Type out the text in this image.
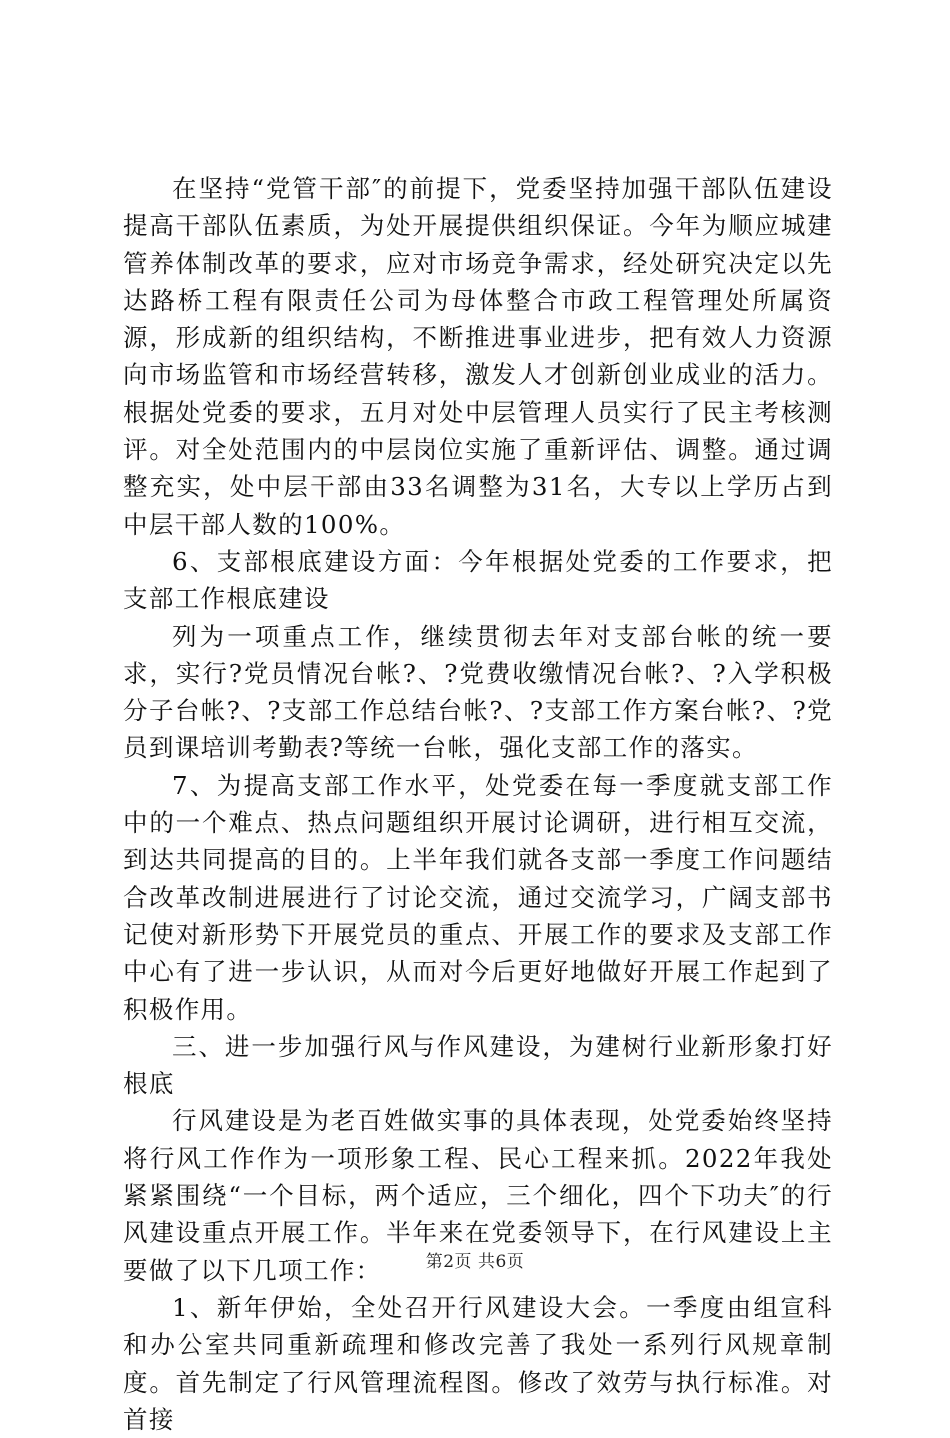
在坚持“党管干部″的前提下，党委坚持加强干部队伍建设提高干部队伍素质，为处开展提供组织保证。今年为顺应城建管养体制改革的要求，应对市场竞争需求，经处研究决定以先达路桥工程有限责任公司为母体整合市政工程管理处所属资源，形成新的组织结构，不断推进事业进步，把有效人力资源向市场监管和市场经营转移，激发人才创新创业成业的活力。根据处党委的要求，五月对处中层管理人员实行了民主考核测评。对全处范围内的中层岗位实施了重新评估、调整。通过调整充实，处中层干部由33名调整为31名，大专以上学历占到中层干部人数的100%。

6、支部根底建设方面：今年根据处党委的工作要求，把支部工作根底建设

列为一项重点工作，继续贯彻去年对支部台帐的统一要求，实行?党员情况台帐?、?党费收缴情况台帐?、?入学积极分子台帐?、?支部工作总结台帐?、?支部工作方案台帐?、?党员到课培训考勤表?等统一台帐，强化支部工作的落实。

7、为提高支部工作水平，处党委在每一季度就支部工作中的一个难点、热点问题组织开展讨论调研，进行相互交流，到达共同提高的目的。上半年我们就各支部一季度工作问题结合改革改制进展进行了讨论交流，通过交流学习，广阔支部书记使对新形势下开展党员的重点、开展工作的要求及支部工作中心有了进一步认识，从而对今后更好地做好开展工作起到了积极作用。

三、进一步加强行风与作风建设，为建树行业新形象打好根底

行风建设是为老百姓做实事的具体表现，处党委始终坚持将行风工作作为一项形象工程、民心工程来抓。2022年我处紧紧围绕“一个目标，两个适应，三个细化，四个下功夫″的行风建设重点开展工作。半年来在党委领导下，在行风建设上主要做了以下几项工作：

1、新年伊始，全处召开行风建设大会。一季度由组宣科和办公室共同重新疏理和修改完善了我处一系列行风规章制度。首先制定了行风管理流程图。修改了效劳与执行标准。对首接

第2页 共6页
